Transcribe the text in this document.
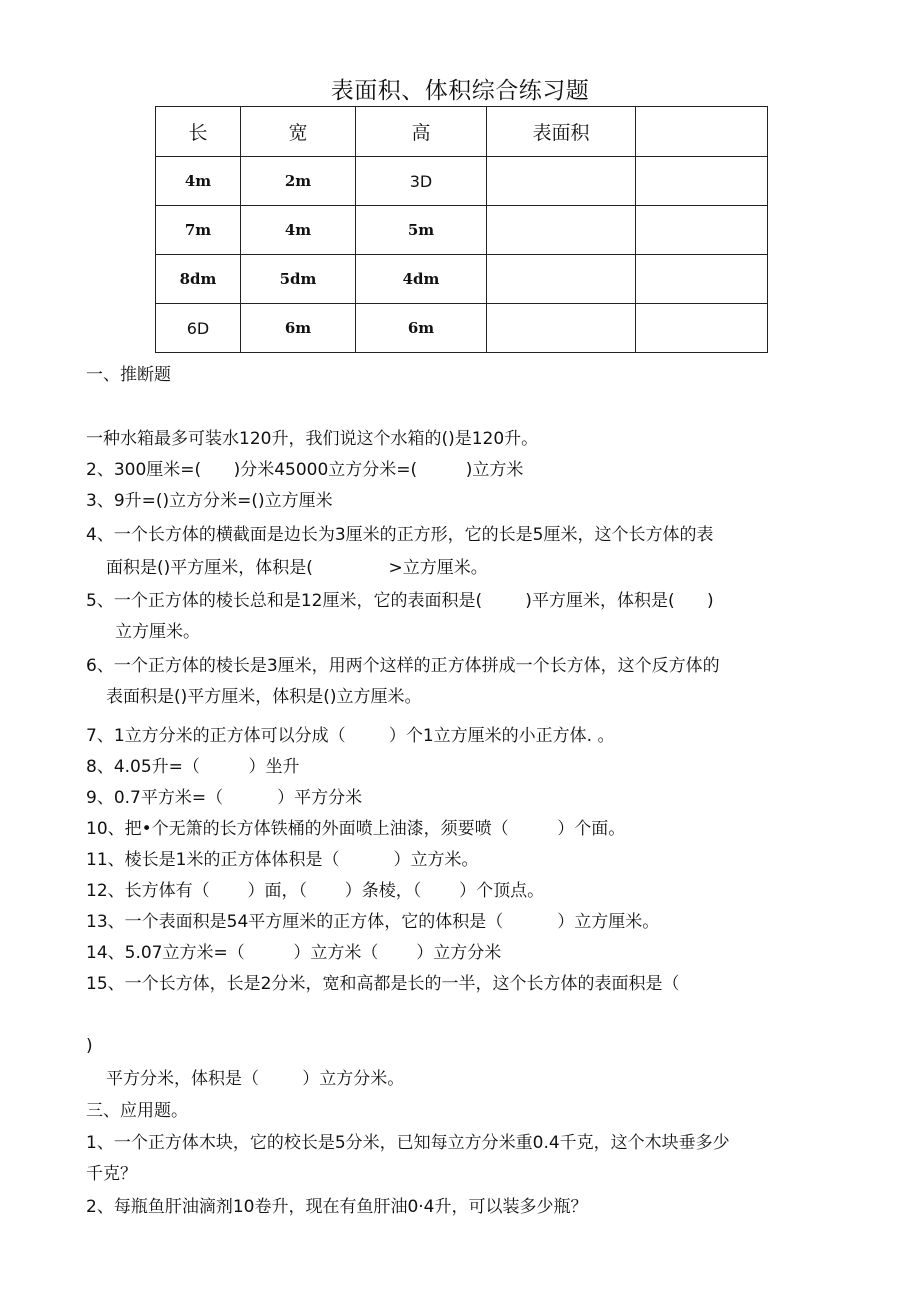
表面积、体积综合练习题
长	宽	高	表面积	
4m	2m	3D		
7m	4m	5m		
8dm	5dm	4dm		
6D	6m	6m		
一、推断题
一种水箱最多可装水120升，我们说这个水箱的()是120升。
2、300厘米=(      )分米45000立方分米=(         )立方米
3、9升=()立方分米=()立方厘米
4、一个长方体的横截面是边长为3厘米的正方形，它的长是5厘米，这个长方体的表
面积是()平方厘米，体积是(              >立方厘米。
5、一个正方体的棱长总和是12厘米，它的表面积是(        )平方厘米，体积是(      )
立方厘米。
6、一个正方体的棱长是3厘米，用两个这样的正方体拼成一个长方体，这个反方体的
表面积是()平方厘米，体积是()立方厘米。
7、1立方分米的正方体可以分成（        ）个1立方厘米的小正方体. 。
8、4.05升=（         ）坐升
9、0.7平方米=（          ）平方分米
10、把•个无箫的长方体铁桶的外面喷上油漆，须要喷（         ）个面。
11、棱长是1米的正方体体积是（          ）立方米。
12、长方体有（       ）面，（       ）条棱，（       ）个顶点。
13、一个表面积是54平方厘米的正方体，它的体积是（          ）立方厘米。
14、5.07立方米=（         ）立方米（       ）立方分米
15、一个长方体，长是2分米，宽和高都是长的一半，这个长方体的表面积是（
)
平方分米，体积是（        ）立方分米。
三、应用题。
1、一个正方体木块，它的校长是5分米，已知每立方分米重0.4千克，这个木块垂多少
千克？
2、每瓶鱼肝油滴剂10卷升，现在有鱼肝油0·4升，可以装多少瓶？
